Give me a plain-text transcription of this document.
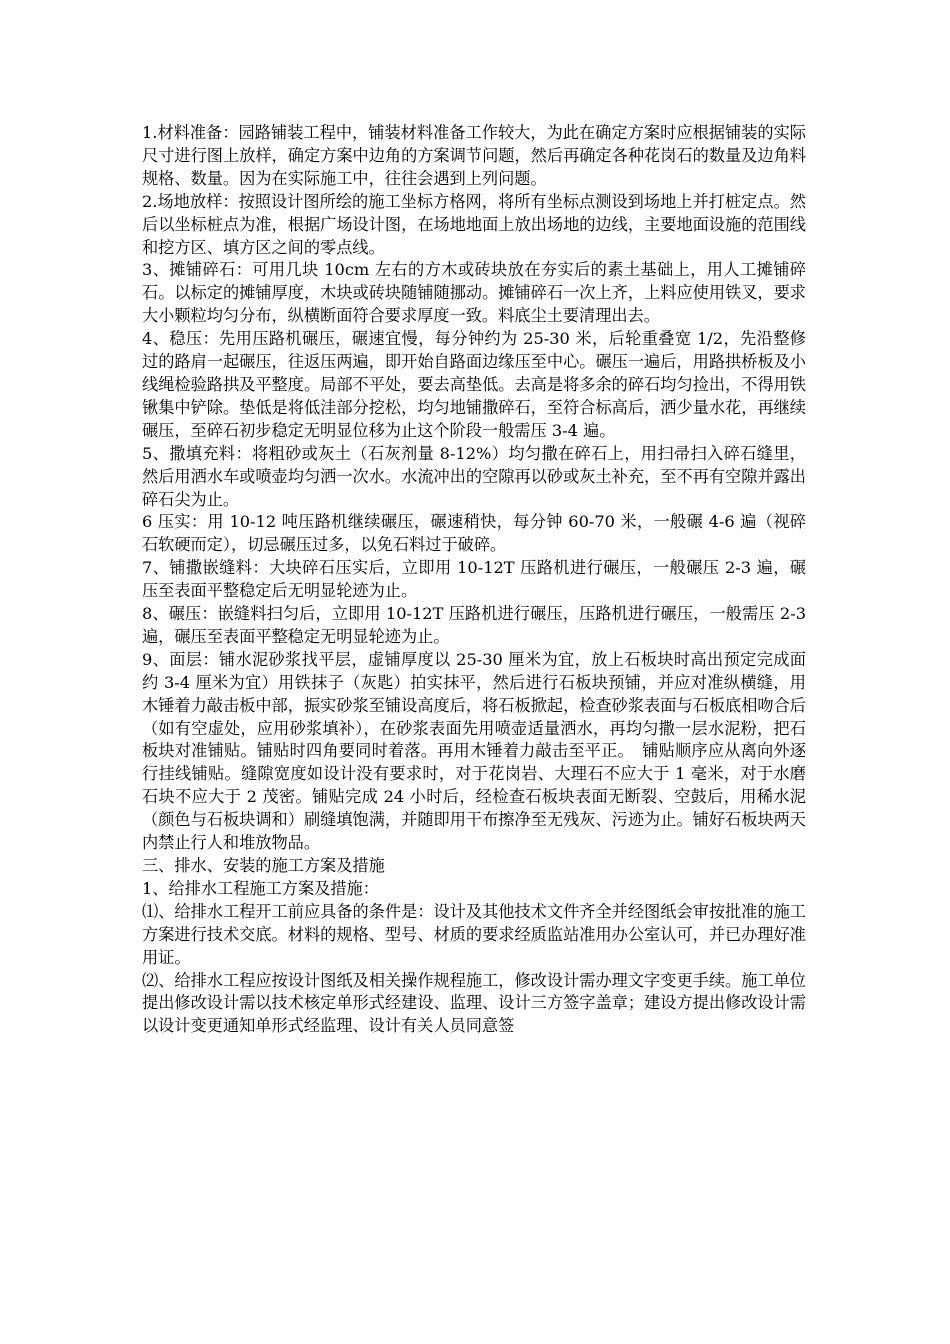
1.材料准备：园路铺装工程中，铺装材料准备工作较大，为此在确定方案时应根据铺装的实际尺寸进行图上放样，确定方案中边角的方案调节问题，然后再确定各种花岗石的数量及边角料规格、数量。因为在实际施工中，往往会遇到上列问题。

2.场地放样：按照设计图所绘的施工坐标方格网，将所有坐标点测设到场地上并打桩定点。然后以坐标桩点为准，根据广场设计图，在场地地面上放出场地的边线，主要地面设施的范围线和挖方区、填方区之间的零点线。

3、摊铺碎石：可用几块 10cm 左右的方木或砖块放在夯实后的素土基础上，用人工摊铺碎石。以标定的摊铺厚度，木块或砖块随铺随挪动。摊铺碎石一次上齐，上料应使用铁叉，要求大小颗粒均匀分布，纵横断面符合要求厚度一致。料底尘土要清理出去。

4、稳压：先用压路机碾压，碾速宜慢，每分钟约为 25-30 米，后轮重叠宽 1/2，先沿整修过的路肩一起碾压，往返压两遍，即开始自路面边缘压至中心。碾压一遍后，用路拱桥板及小线绳检验路拱及平整度。局部不平处，要去高垫低。去高是将多余的碎石均匀捡出，不得用铁锹集中铲除。垫低是将低洼部分挖松，均匀地铺撒碎石，至符合标高后，洒少量水花，再继续碾压，至碎石初步稳定无明显位移为止这个阶段一般需压 3-4 遍。

5、撒填充料：将粗砂或灰土（石灰剂量 8-12%）均匀撒在碎石上，用扫帚扫入碎石缝里，然后用洒水车或喷壶均匀洒一次水。水流冲出的空隙再以砂或灰土补充，至不再有空隙并露出碎石尖为止。

6 压实：用 10-12 吨压路机继续碾压，碾速稍快，每分钟 60-70 米，一般碾 4-6 遍（视碎石软硬而定），切忌碾压过多，以免石料过于破碎。

7、铺撒嵌缝料：大块碎石压实后，立即用 10-12T 压路机进行碾压，一般碾压 2-3 遍，碾压至表面平整稳定后无明显轮迹为止。

8、碾压：嵌缝料扫匀后，立即用 10-12T 压路机进行碾压，压路机进行碾压，一般需压 2-3 遍，碾压至表面平整稳定无明显轮迹为止。

9、面层：铺水泥砂浆找平层，虚铺厚度以 25-30 厘米为宜，放上石板块时高出预定完成面约 3-4 厘米为宜）用铁抹子（灰匙）拍实抹平，然后进行石板块预铺，并应对准纵横缝，用木锤着力敲击板中部，振实砂浆至铺设高度后，将石板掀起，检查砂浆表面与石板底相吻合后（如有空虚处，应用砂浆填补），在砂浆表面先用喷壶适量洒水，再均匀撒一层水泥粉，把石板块对准铺贴。铺贴时四角要同时着落。再用木锤着力敲击至平正。　铺贴顺序应从离向外逐行挂线铺贴。缝隙宽度如设计没有要求时，对于花岗岩、大理石不应大于 1 毫米，对于水磨石块不应大于 2 茂密。铺贴完成 24 小时后，经检查石板块表面无断裂、空鼓后，用稀水泥（颜色与石板块调和）刷缝填饱满，并随即用干布擦净至无残灰、污迹为止。铺好石板块两天内禁止行人和堆放物品。

三、排水、安装的施工方案及措施

1、给排水工程施工方案及措施：

⑴、给排水工程开工前应具备的条件是：设计及其他技术文件齐全并经图纸会审按批准的施工方案进行技术交底。材料的规格、型号、材质的要求经质监站准用办公室认可，并已办理好准用证。

⑵、给排水工程应按设计图纸及相关操作规程施工，修改设计需办理文字变更手续。施工单位提出修改设计需以技术核定单形式经建设、监理、设计三方签字盖章；建设方提出修改设计需以设计变更通知单形式经监理、设计有关人员同意签
